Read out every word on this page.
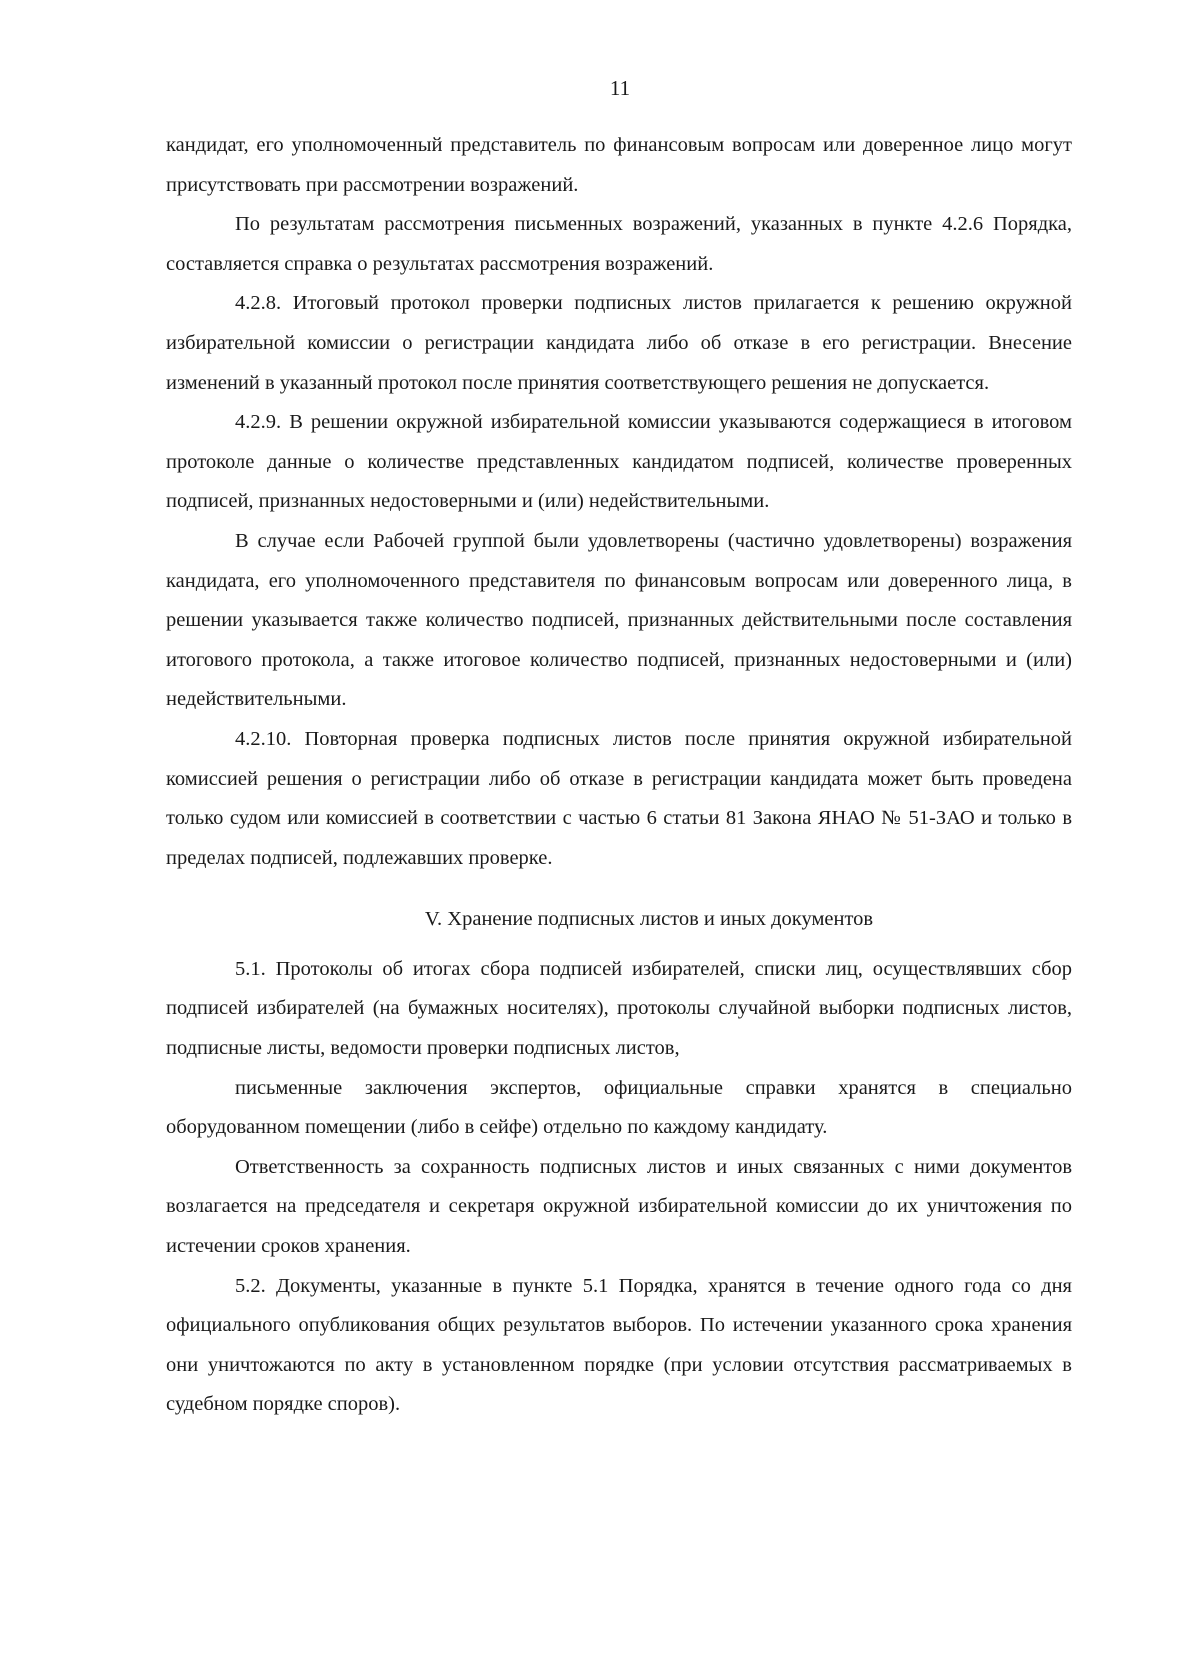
11

кандидат, его уполномоченный представитель по финансовым вопросам или доверенное лицо могут присутствовать при рассмотрении возражений.

По результатам рассмотрения письменных возражений, указанных в пункте 4.2.6 Порядка, составляется справка о результатах рассмотрения возражений.

4.2.8. Итоговый протокол проверки подписных листов прилагается к решению окружной избирательной комиссии о регистрации кандидата либо об отказе в его регистрации. Внесение изменений в указанный протокол после принятия соответствующего решения не допускается.

4.2.9. В решении окружной избирательной комиссии указываются содержащиеся в итоговом протоколе данные о количестве представленных кандидатом подписей, количестве проверенных подписей, признанных недостоверными и (или) недействительными.

В случае если Рабочей группой были удовлетворены (частично удовлетворены) возражения кандидата, его уполномоченного представителя по финансовым вопросам или доверенного лица, в решении указывается также количество подписей, признанных действительными после составления итогового протокола, а также итоговое количество подписей, признанных недостоверными и (или) недействительными.

4.2.10. Повторная проверка подписных листов после принятия окружной избирательной комиссией решения о регистрации либо об отказе в регистрации кандидата может быть проведена только судом или комиссией в соответствии с частью 6 статьи 81 Закона ЯНАО № 51-ЗАО и только в пределах подписей, подлежавших проверке.

V. Хранение подписных листов и иных документов

5.1. Протоколы об итогах сбора подписей избирателей, списки лиц, осуществлявших сбор подписей избирателей (на бумажных носителях), протоколы случайной выборки подписных листов, подписные листы, ведомости проверки подписных листов,

письменные заключения экспертов, официальные справки хранятся в специально оборудованном помещении (либо в сейфе) отдельно по каждому кандидату.

Ответственность за сохранность подписных листов и иных связанных с ними документов возлагается на председателя и секретаря окружной избирательной комиссии до их уничтожения по истечении сроков хранения.

5.2. Документы, указанные в пункте 5.1 Порядка, хранятся в течение одного года со дня официального опубликования общих результатов выборов. По истечении указанного срока хранения они уничтожаются по акту в установленном порядке (при условии отсутствия рассматриваемых в судебном порядке споров).
